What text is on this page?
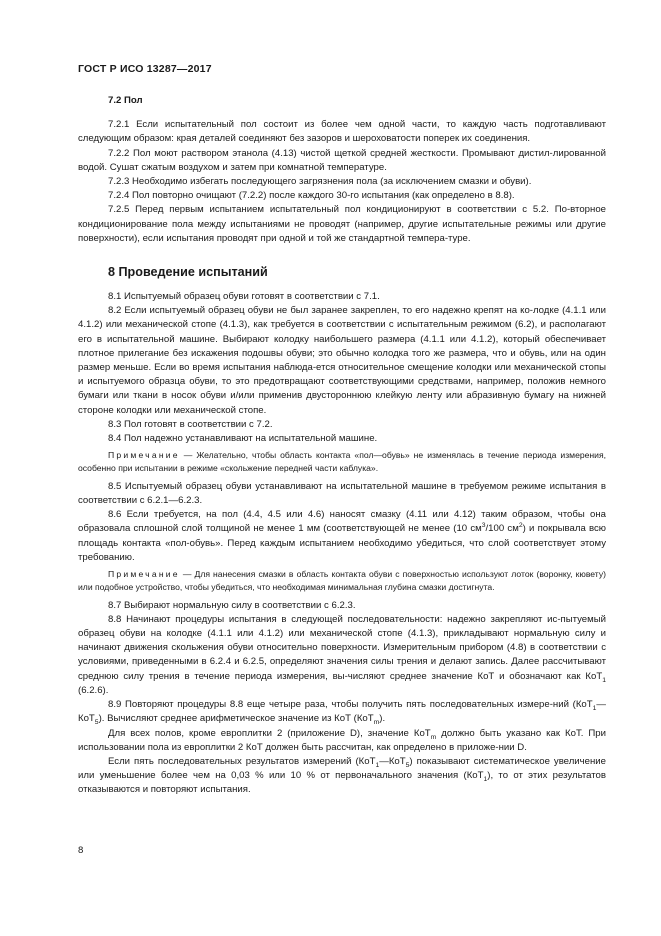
ГОСТ Р ИСО 13287—2017

7.2 Пол

7.2.1 Если испытательный пол состоит из более чем одной части, то каждую часть подготавливают следующим образом: края деталей соединяют без зазоров и шероховатости поперек их соединения.

7.2.2 Пол моют раствором этанола (4.13) чистой щеткой средней жесткости. Промывают дистил-лированной водой. Сушат сжатым воздухом и затем при комнатной температуре.

7.2.3 Необходимо избегать последующего загрязнения пола (за исключением смазки и обуви).

7.2.4 Пол повторно очищают (7.2.2) после каждого 30-го испытания (как определено в 8.8).

7.2.5 Перед первым испытанием испытательный пол кондиционируют в соответствии с 5.2. По-вторное кондиционирование пола между испытаниями не проводят (например, другие испытательные режимы или другие поверхности), если испытания проводят при одной и той же стандартной темпера-туре.

8 Проведение испытаний

8.1 Испытуемый образец обуви готовят в соответствии с 7.1.

8.2 Если испытуемый образец обуви не был заранее закреплен, то его надежно крепят на ко-лодке (4.1.1 или 4.1.2) или механической стопе (4.1.3), как требуется в соответствии с испытательным режимом (6.2), и располагают его в испытательной машине. Выбирают колодку наибольшего размера (4.1.1 или 4.1.2), который обеспечивает плотное прилегание без искажения подошвы обуви; это обычно колодка того же размера, что и обувь, или на один размер меньше. Если во время испытания наблюда-ется относительное смещение колодки или механической стопы и испытуемого образца обуви, то это предотвращают соответствующими средствами, например, положив немного бумаги или ткани в носок обуви и/или применив двустороннюю клейкую ленту или абразивную бумагу на нижней стороне колодки или механической стопе.

8.3 Пол готовят в соответствии с 7.2.

8.4 Пол надежно устанавливают на испытательной машине.

Примечание — Желательно, чтобы область контакта «пол—обувь» не изменялась в течение периода измерения, особенно при испытании в режиме «скольжение передней части каблука».

8.5 Испытуемый образец обуви устанавливают на испытательной машине в требуемом режиме испытания в соответствии с 6.2.1—6.2.3.

8.6 Если требуется, на пол (4.4, 4.5 или 4.6) наносят смазку (4.11 или 4.12) таким образом, чтобы она образовала сплошной слой толщиной не менее 1 мм (соответствующей не менее (10 $см^3/100$ $см^2$) и покрывала всю площадь контакта «пол-обувь». Перед каждым испытанием необходимо убедиться, что слой соответствует этому требованию.

Примечание — Для нанесения смазки в область контакта обуви с поверхностью используют лоток (воронку, кювету) или подобное устройство, чтобы убедиться, что необходимая минимальная глубина смазки достигнута.

8.7 Выбирают нормальную силу в соответствии с 6.2.3.

8.8 Начинают процедуры испытания в следующей последовательности: надежно закрепляют ис-пытуемый образец обуви на колодке (4.1.1 или 4.1.2) или механической стопе (4.1.3), прикладывают нормальную силу и начинают движения скольжения обуви относительно поверхности. Измерительным прибором (4.8) в соответствии с условиями, приведенными в 6.2.4 и 6.2.5, определяют значения силы трения и делают запись. Далее рассчитывают среднюю силу трения в течение периода измерения, вы-числяют среднее значение КоТ и обозначают как КоТ$_1$ (6.2.6).

8.9 Повторяют процедуры 8.8 еще четыре раза, чтобы получить пять последовательных измере-ний (КоТ$_1$—КоТ$_5$). Вычисляют среднее арифметическое значение из КоТ (КоТ$_m$).

Для всех полов, кроме европлитки 2 (приложение D), значение КоТ$_m$ должно быть указано как КоТ. При использовании пола из европлитки 2 КоТ должен быть рассчитан, как определено в приложе-нии D.

Если пять последовательных результатов измерений (КоТ$_1$—КоТ$_5$) показывают систематическое увеличение или уменьшение более чем на 0,03 % или 10 % от первоначального значения (КоТ$_1$), то от этих результатов отказываются и повторяют испытания.

8
